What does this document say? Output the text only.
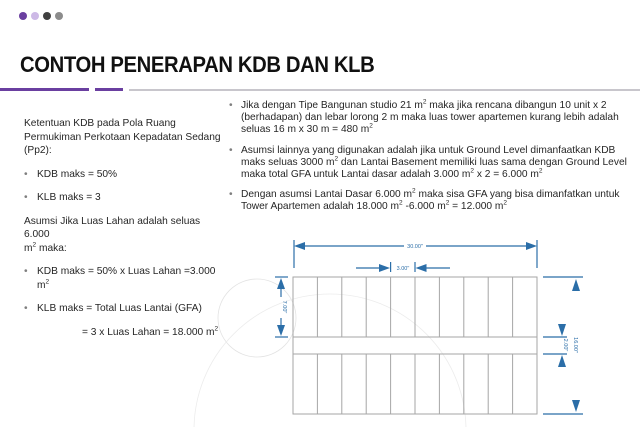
CONTOH PENERAPAN KDB DAN KLB

Ketentuan KDB pada Pola Ruang Permukiman Perkotaan Kepadatan Sedang (Pp2):

• KDB maks = 50%
• KLB maks = 3

Asumsi Jika Luas Lahan adalah seluas 6.000
$m^2$ maka:

• KDB maks = 50% x Luas Lahan =3.000 $m^2$
• KLB maks = Total Luas Lantai (GFA)
= 3 x Luas Lahan = 18.000 $m^2$
• Jika dengan Tipe Bangunan studio 21 $m^2$ maka jika rencana dibangun 10 unit x 2 (berhadapan) dan lebar lorong 2 m maka luas tower apartemen kurang lebih adalah seluas 16 m x 30 m = 480 $m^2$
• Asumsi lainnya yang digunakan adalah jika untuk Ground Level dimanfaatkan KDB maks seluas 3000 $m^2$ dan Lantai Basement memiliki luas sama dengan Ground Level maka total GFA untuk Lantai dasar adalah 3.000 $m^2$ x 2 = 6.000 $m^2$
• Dengan asumsi Lantai Dasar 6.000 $m^2$ maka sisa GFA yang bisa dimanfatkan untuk Tower Apartemen adalah 18.000 $m^2$ -6.000 $m^2 = 12.000$ $m^2$
30.00"
3.00"
7.00"
2.00" 16.00"
